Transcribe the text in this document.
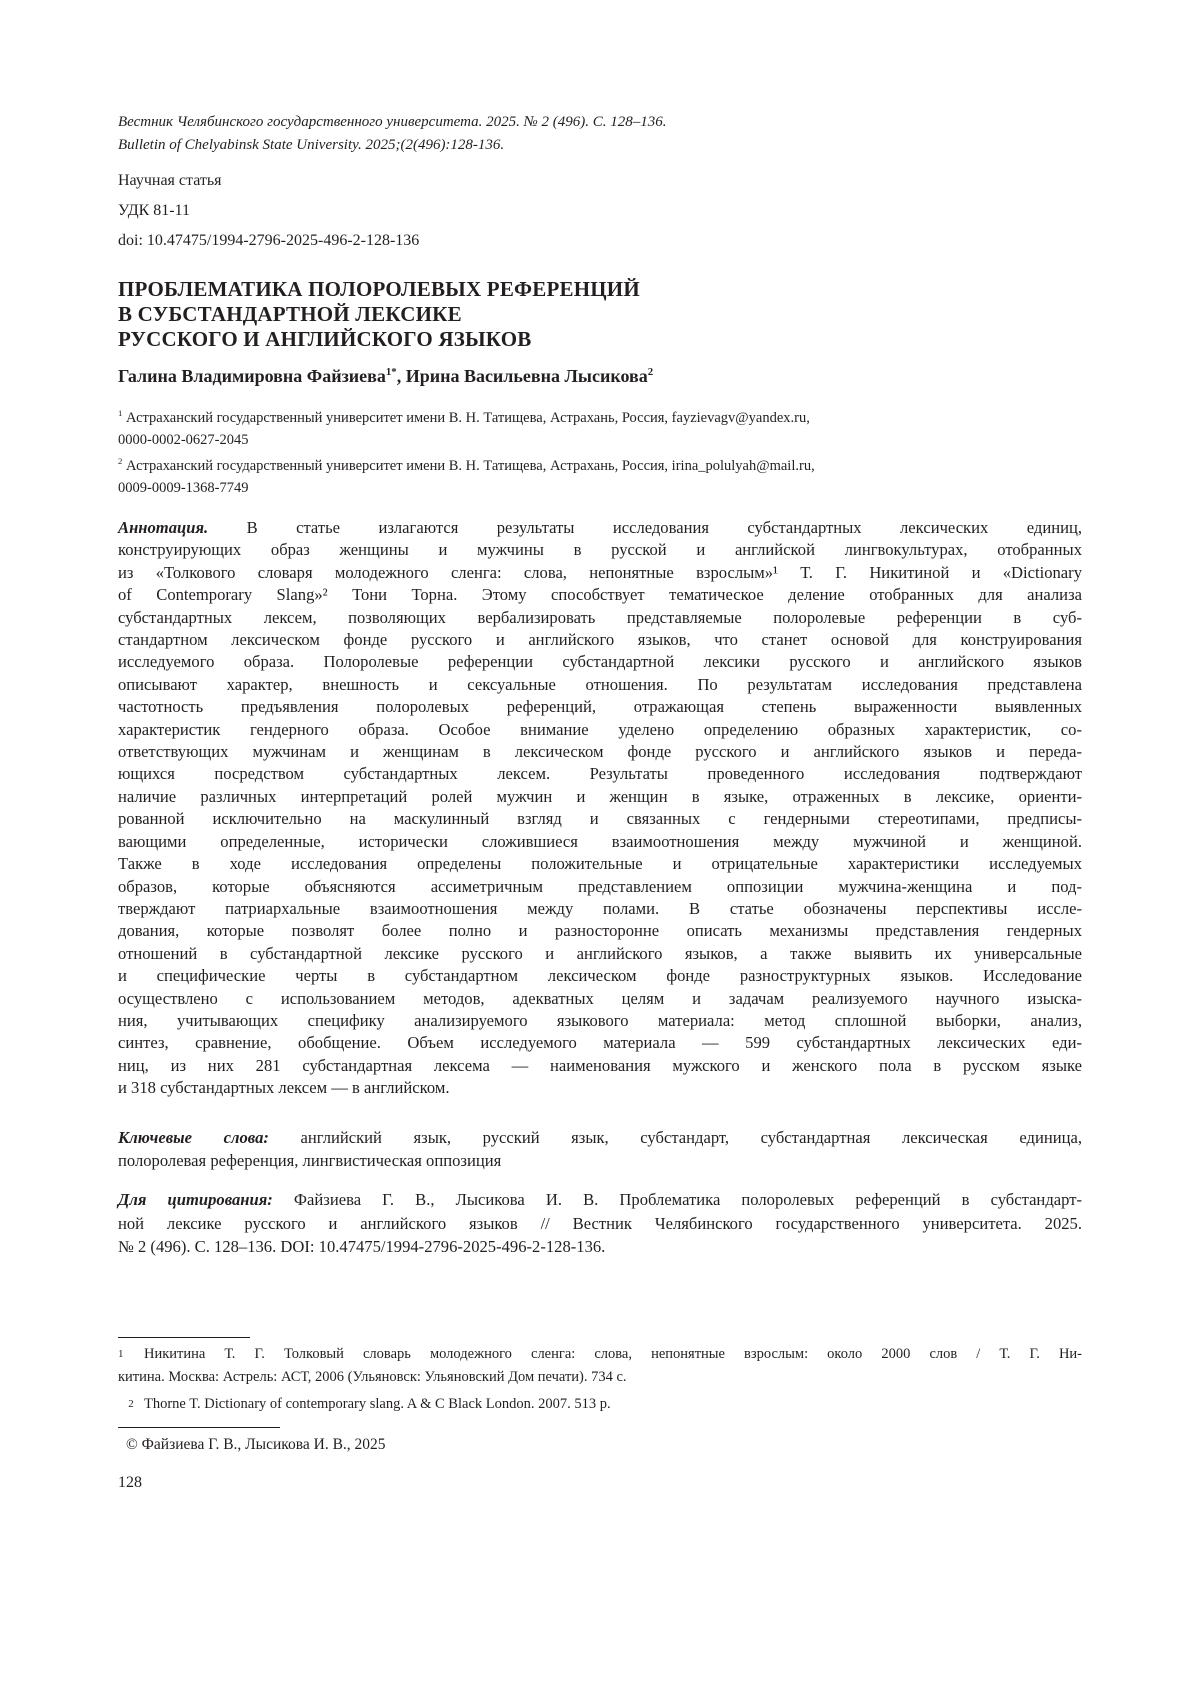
Вестник Челябинского государственного университета. 2025. № 2 (496). С. 128–136.
Bulletin of Chelyabinsk State University. 2025;(2(496):128-136.
Научная статья
УДК 81-11
doi: 10.47475/1994-2796-2025-496-2-128-136
ПРОБЛЕМАТИКА ПОЛОРОЛЕВЫХ РЕФЕРЕНЦИЙ
В СУБСТАНДАРТНОЙ ЛЕКСИКЕ
РУССКОГО И АНГЛИЙСКОГО ЯЗЫКОВ
Галина Владимировна Файзиева$^{1*}$, Ирина Васильевна Лысикова$^2$
$^1$ Астраханский государственный университет имени В. Н. Татищева, Астрахань, Россия, fayzievagv@yandex.ru,
0000-0002-0627-2045
$^2$ Астраханский государственный университет имени В. Н. Татищева, Астрахань, Россия, irina_polulyah@mail.ru,
0009-0009-1368-7749
Аннотация. В статье излагаются результаты исследования субстандартных лексических единиц,
конструирующих образ женщины и мужчины в русской и английской лингвокультурах, отобранных
из «Толкового словаря молодежного сленга: слова, непонятные взрослым»¹ Т. Г. Никитиной и «Dictionary
of Contemporary Slang»² Тони Торна. Этому способствует тематическое деление отобранных для анализа
субстандартных лексем, позволяющих вербализировать представляемые полоролевые референции в суб-
стандартном лексическом фонде русского и английского языков, что станет основой для конструирования
исследуемого образа. Полоролевые референции субстандартной лексики русского и английского языков
описывают характер, внешность и сексуальные отношения. По результатам исследования представлена
частотность предъявления полоролевых референций, отражающая степень выраженности выявленных
характеристик гендерного образа. Особое внимание уделено определению образных характеристик, со-
ответствующих мужчинам и женщинам в лексическом фонде русского и английского языков и переда-
ющихся посредством субстандартных лексем. Результаты проведенного исследования подтверждают
наличие различных интерпретаций ролей мужчин и женщин в языке, отраженных в лексике, ориенти-
рованной исключительно на маскулинный взгляд и связанных с гендерными стереотипами, предписы-
вающими определенные, исторически сложившиеся взаимоотношения между мужчиной и женщиной.
Также в ходе исследования определены положительные и отрицательные характеристики исследуемых
образов, которые объясняются ассиметричным представлением оппозиции мужчина-женщина и под-
тверждают патриархальные взаимоотношения между полами. В статье обозначены перспективы иссле-
дования, которые позволят более полно и разносторонне описать механизмы представления гендерных
отношений в субстандартной лексике русского и английского языков, а также выявить их универсальные
и специфические черты в субстандартном лексическом фонде разноструктурных языков. Исследование
осуществлено с использованием методов, адекватных целям и задачам реализуемого научного изыска-
ния, учитывающих специфику анализируемого языкового материала: метод сплошной выборки, анализ,
синтез, сравнение, обобщение. Объем исследуемого материала — 599 субстандартных лексических еди-
ниц, из них 281 субстандартная лексема — наименования мужского и женского пола в русском языке
и 318 субстандартных лексем — в английском.
Ключевые слова: английский язык, русский язык, субстандарт, субстандартная лексическая единица,
полоролевая референция, лингвистическая оппозиция
Для цитирования: Файзиева Г. В., Лысикова И. В. Проблематика полоролевых референций в субстандарт-
ной лексике русского и английского языков // Вестник Челябинского государственного университета. 2025.
№ 2 (496). С. 128–136. DOI: 10.47475/1994-2796-2025-496-2-128-136.
1 Никитина Т. Г. Толковый словарь молодежного сленга: слова, непонятные взрослым: около 2000 слов / Т. Г. Ни-
китина. Москва: Астрель: АСТ, 2006 (Ульяновск: Ульяновский Дом печати). 734 с.
2 Thorne T. Dictionary of contemporary slang. A & C Black London. 2007. 513 p.
© Файзиева Г. В., Лысикова И. В., 2025
128
